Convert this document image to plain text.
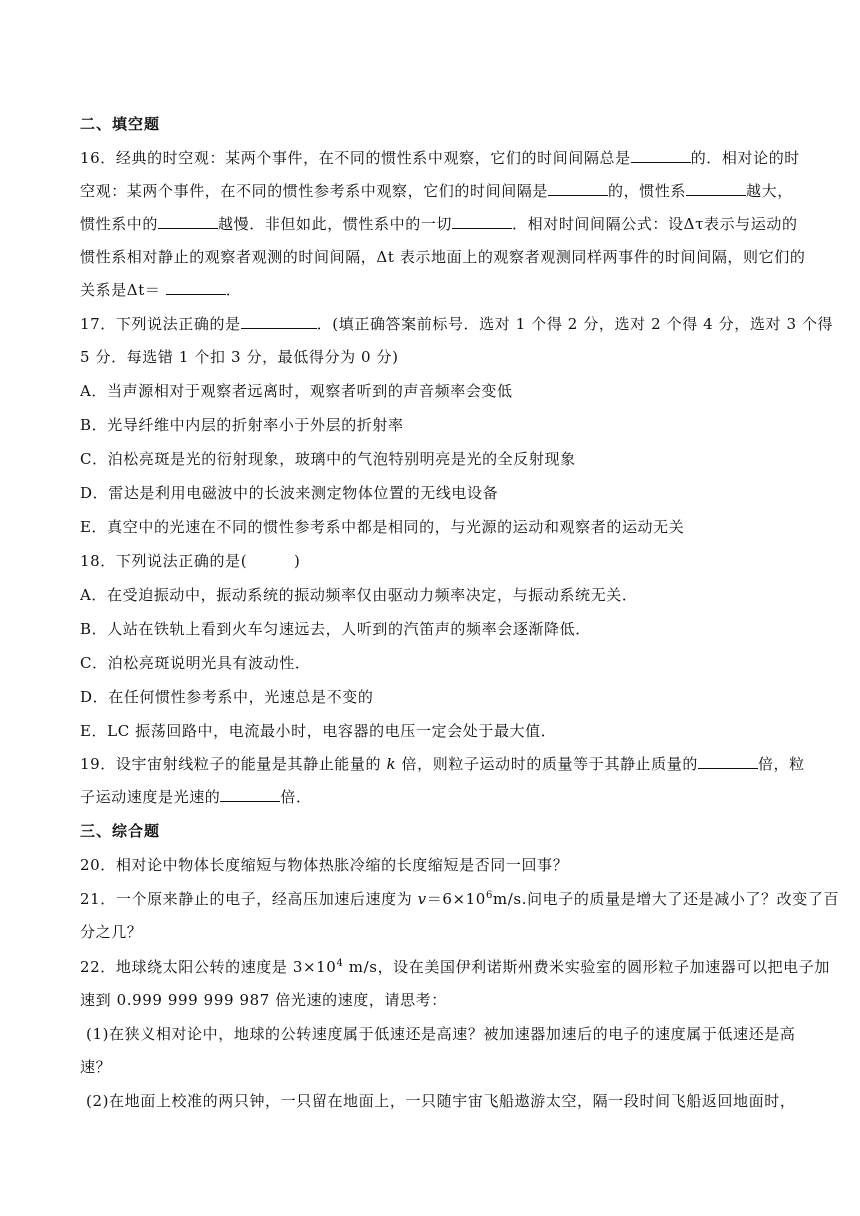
二、填空题
16．经典的时空观：某两个事件，在不同的惯性系中观察，它们的时间间隔总是	的．相对论的时
空观：某两个事件，在不同的惯性参考系中观察，它们的时间间隔是	的，惯性系	越大，
惯性系中的	越慢．非但如此，惯性系中的一切	．相对时间间隔公式：设Δτ表示与运动的
惯性系相对静止的观察者观测的时间间隔，Δt 表示地面上的观察者观测同样两事件的时间间隔，则它们的
关系是Δt＝	．
17．下列说法正确的是	．(填正确答案前标号．选对 1 个得 2 分，选对 2 个得 4 分，选对 3 个得
5 分．每选错 1 个扣 3 分，最低得分为 0 分)
A．当声源相对于观察者远离时，观察者听到的声音频率会变低
B．光导纤维中内层的折射率小于外层的折射率
C．泊松亮斑是光的衍射现象，玻璃中的气泡特别明亮是光的全反射现象
D．雷达是利用电磁波中的长波来测定物体位置的无线电设备
E．真空中的光速在不同的惯性参考系中都是相同的，与光源的运动和观察者的运动无关
18．下列说法正确的是(　　　)
A．在受迫振动中，振动系统的振动频率仅由驱动力频率决定，与振动系统无关．
B．人站在铁轨上看到火车匀速远去，人听到的汽笛声的频率会逐渐降低．
C．泊松亮斑说明光具有波动性．
D．在任何惯性参考系中，光速总是不变的
E．LC 振荡回路中，电流最小时，电容器的电压一定会处于最大值．
19．设宇宙射线粒子的能量是其静止能量的 k 倍，则粒子运动时的质量等于其静止质量的	倍，粒
子运动速度是光速的	倍．
三、综合题
20．相对论中物体长度缩短与物体热胀冷缩的长度缩短是否同一回事？
21．一个原来静止的电子，经高压加速后速度为 $v=6\times 10^6m/s$.问电子的质量是增大了还是减小了？改变了百
分之几？
22．地球绕太阳公转的速度是 $3\times 10^4$ m/s，设在美国伊利诺斯州费米实验室的圆形粒子加速器可以把电子加
速到 0.999 999 999 987 倍光速的速度，请思考：
(1)在狭义相对论中，地球的公转速度属于低速还是高速？被加速器加速后的电子的速度属于低速还是高
速？
(2)在地面上校准的两只钟，一只留在地面上，一只随宇宙飞船遨游太空，隔一段时间飞船返回地面时，
